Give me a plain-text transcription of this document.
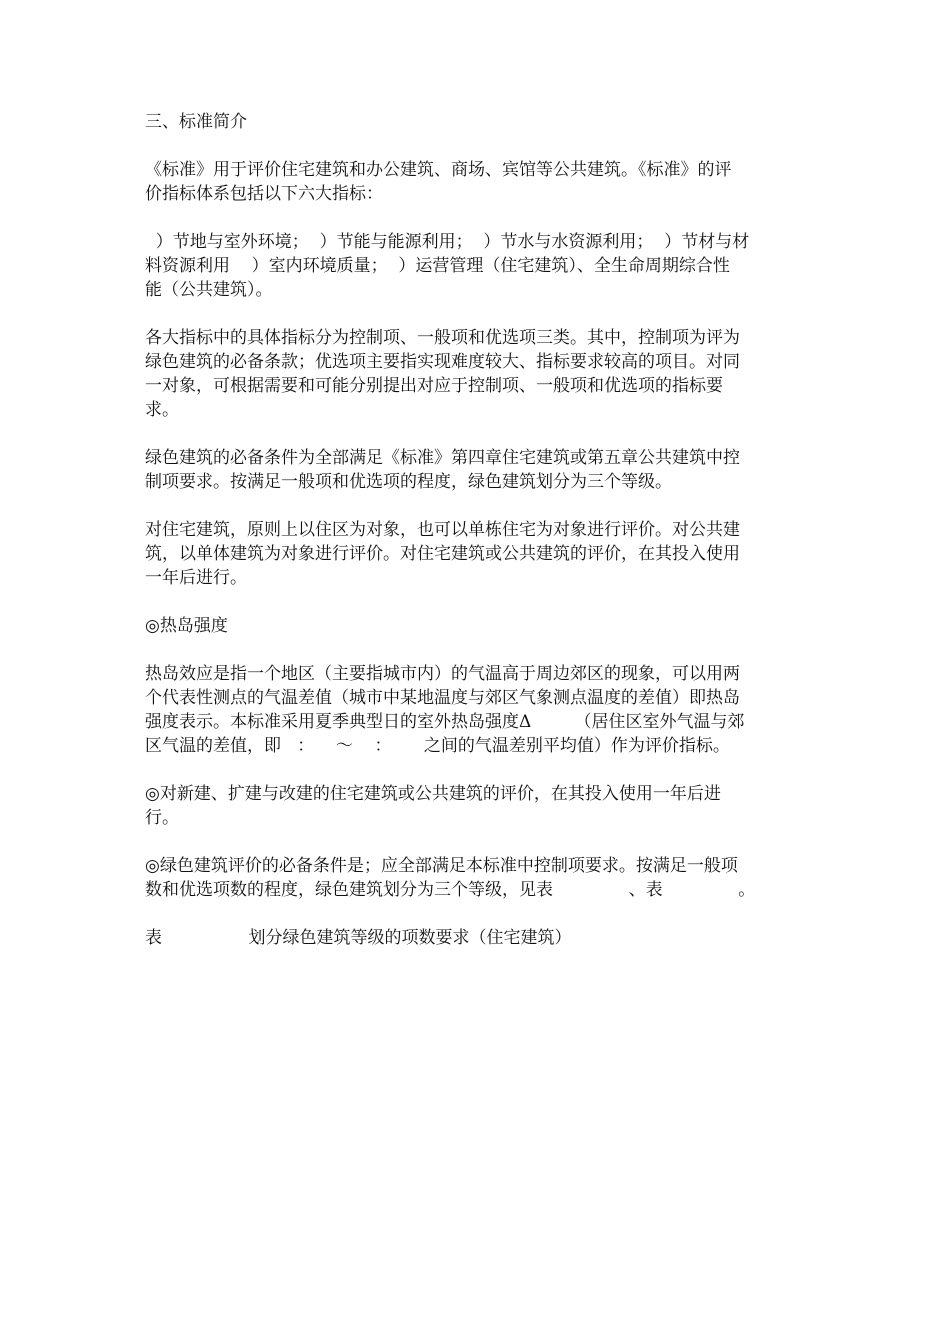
三、标准简介
《标准》用于评价住宅建筑和办公建筑、商场、宾馆等公共建筑。《标准》的评
价指标体系包括以下六大指标：
）节地与室外环境；  ）节能与能源利用；  ）节水与水资源利用；  ）节材与材
料资源利用    ）室内环境质量；  ）运营管理（住宅建筑）、全生命周期综合性
能（公共建筑）。
各大指标中的具体指标分为控制项、一般项和优选项三类。其中，控制项为评为
绿色建筑的必备条款；优选项主要指实现难度较大、指标要求较高的项目。对同
一对象，可根据需要和可能分别提出对应于控制项、一般项和优选项的指标要
求。
绿色建筑的必备条件为全部满足《标准》第四章住宅建筑或第五章公共建筑中控
制项要求。按满足一般项和优选项的程度，绿色建筑划分为三个等级。
对住宅建筑，原则上以住区为对象，也可以单栋住宅为对象进行评价。对公共建
筑，以单体建筑为对象进行评价。对住宅建筑或公共建筑的评价，在其投入使用
一年后进行。
◎热岛强度
热岛效应是指一个地区（主要指城市内）的气温高于周边郊区的现象，可以用两
个代表性测点的气温差值（城市中某地温度与郊区气象测点温度的差值）即热岛
强度表示。本标准采用夏季典型日的室外热岛强度Δ        （居住区室外气温与郊
区气温的差值，即   ：    ～    ：      之间的气温差别平均值）作为评价指标。
◎对新建、扩建与改建的住宅建筑或公共建筑的评价，在其投入使用一年后进
行。
◎绿色建筑评价的必备条件是；应全部满足本标准中控制项要求。按满足一般项
数和优选项数的程度，绿色建筑划分为三个等级，见表              、表              。
表                划分绿色建筑等级的项数要求（住宅建筑）
